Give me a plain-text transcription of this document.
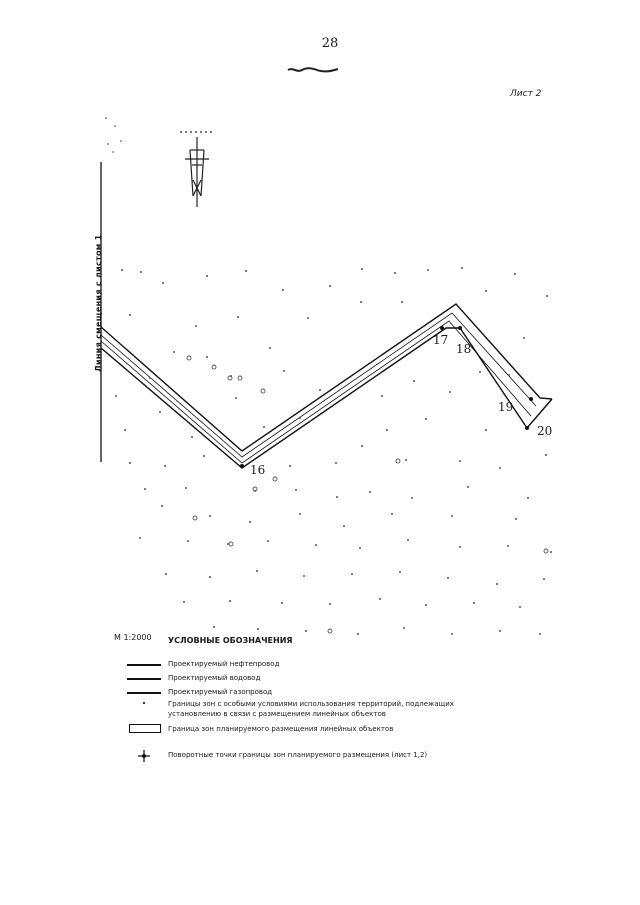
28
Лист 2
Линия смещения с листом 1
16
17
18
19
20
М 1:2000 УСЛОВНЫЕ ОБОЗНАЧЕНИЯ
Проектируемый нефтепровод
Проектируемый водовод
Проектируемый газопровод
Границы зон с особыми условиями использования территорий, подлежащих
установлению в связи с размещением линейных объектов
Граница зон планируемого размещения линейных объектов
Поворотные точки границы зон планируемого размещения (лист 1,2)
